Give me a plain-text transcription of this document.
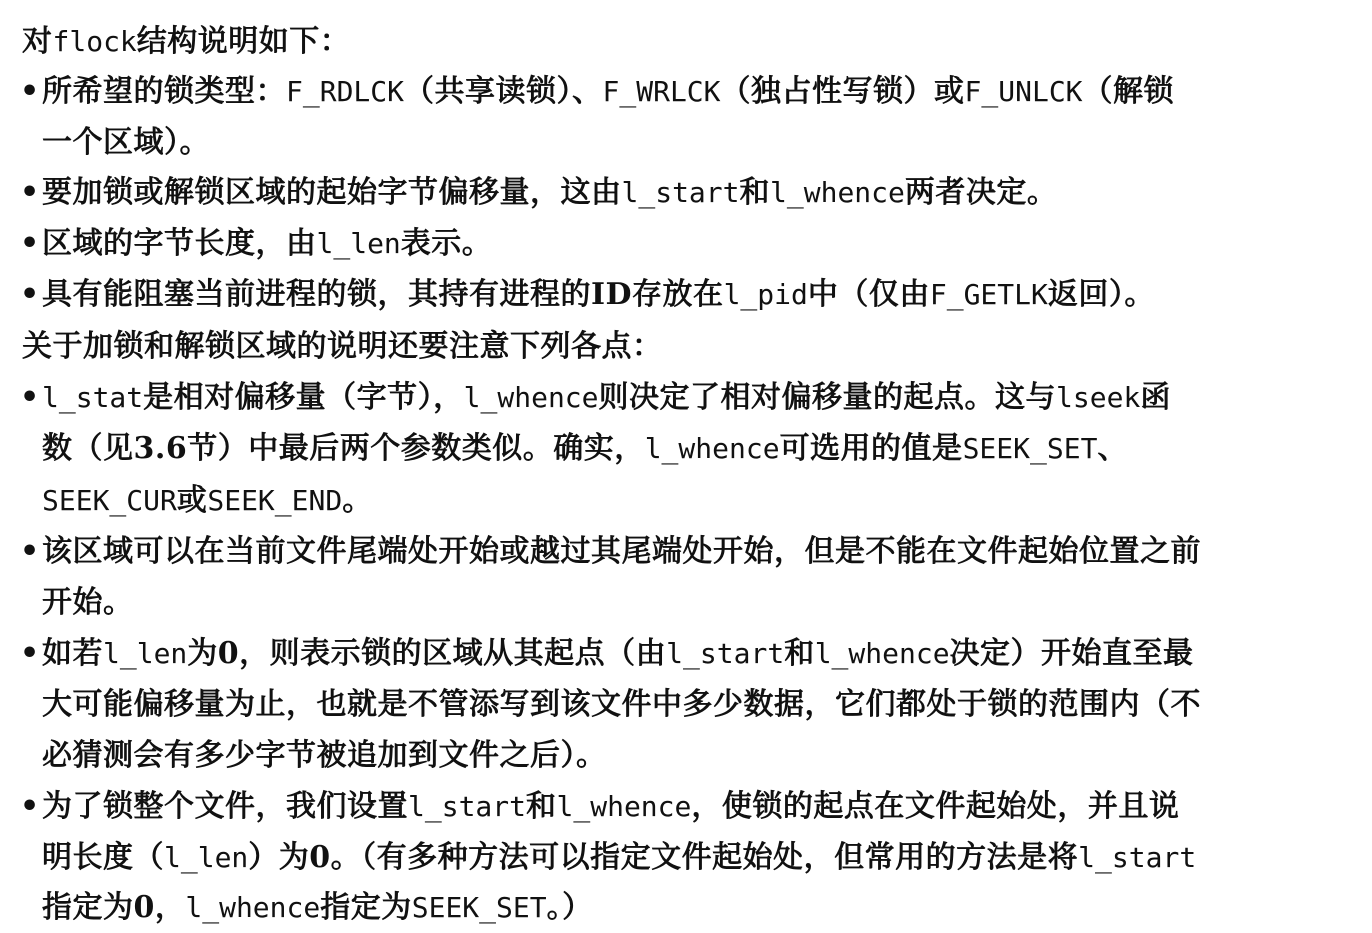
对flock结构说明如下：
• 所希望的锁类型：F_RDLCK（共享读锁）、F_WRLCK（独占性写锁）或F_UNLCK（解锁
一个区域）。
• 要加锁或解锁区域的起始字节偏移量，这由l_start和l_whence两者决定。
• 区域的字节长度，由l_len表示。
• 具有能阻塞当前进程的锁，其持有进程的ID存放在l_pid中（仅由F_GETLK返回）。
关于加锁和解锁区域的说明还要注意下列各点：
• l_stat是相对偏移量（字节），l_whence则决定了相对偏移量的起点。这与lseek函
数（见3.6节）中最后两个参数类似。确实，l_whence可选用的值是SEEK_SET、
SEEK_CUR或SEEK_END。
• 该区域可以在当前文件尾端处开始或越过其尾端处开始，但是不能在文件起始位置之前
开始。
• 如若l_len为0，则表示锁的区域从其起点（由l_start和l_whence决定）开始直至最
大可能偏移量为止，也就是不管添写到该文件中多少数据，它们都处于锁的范围内（不
必猜测会有多少字节被追加到文件之后）。
• 为了锁整个文件，我们设置l_start和l_whence，使锁的起点在文件起始处，并且说
明长度（l_len）为0。（有多种方法可以指定文件起始处，但常用的方法是将l_start
指定为0，l_whence指定为SEEK_SET。）
